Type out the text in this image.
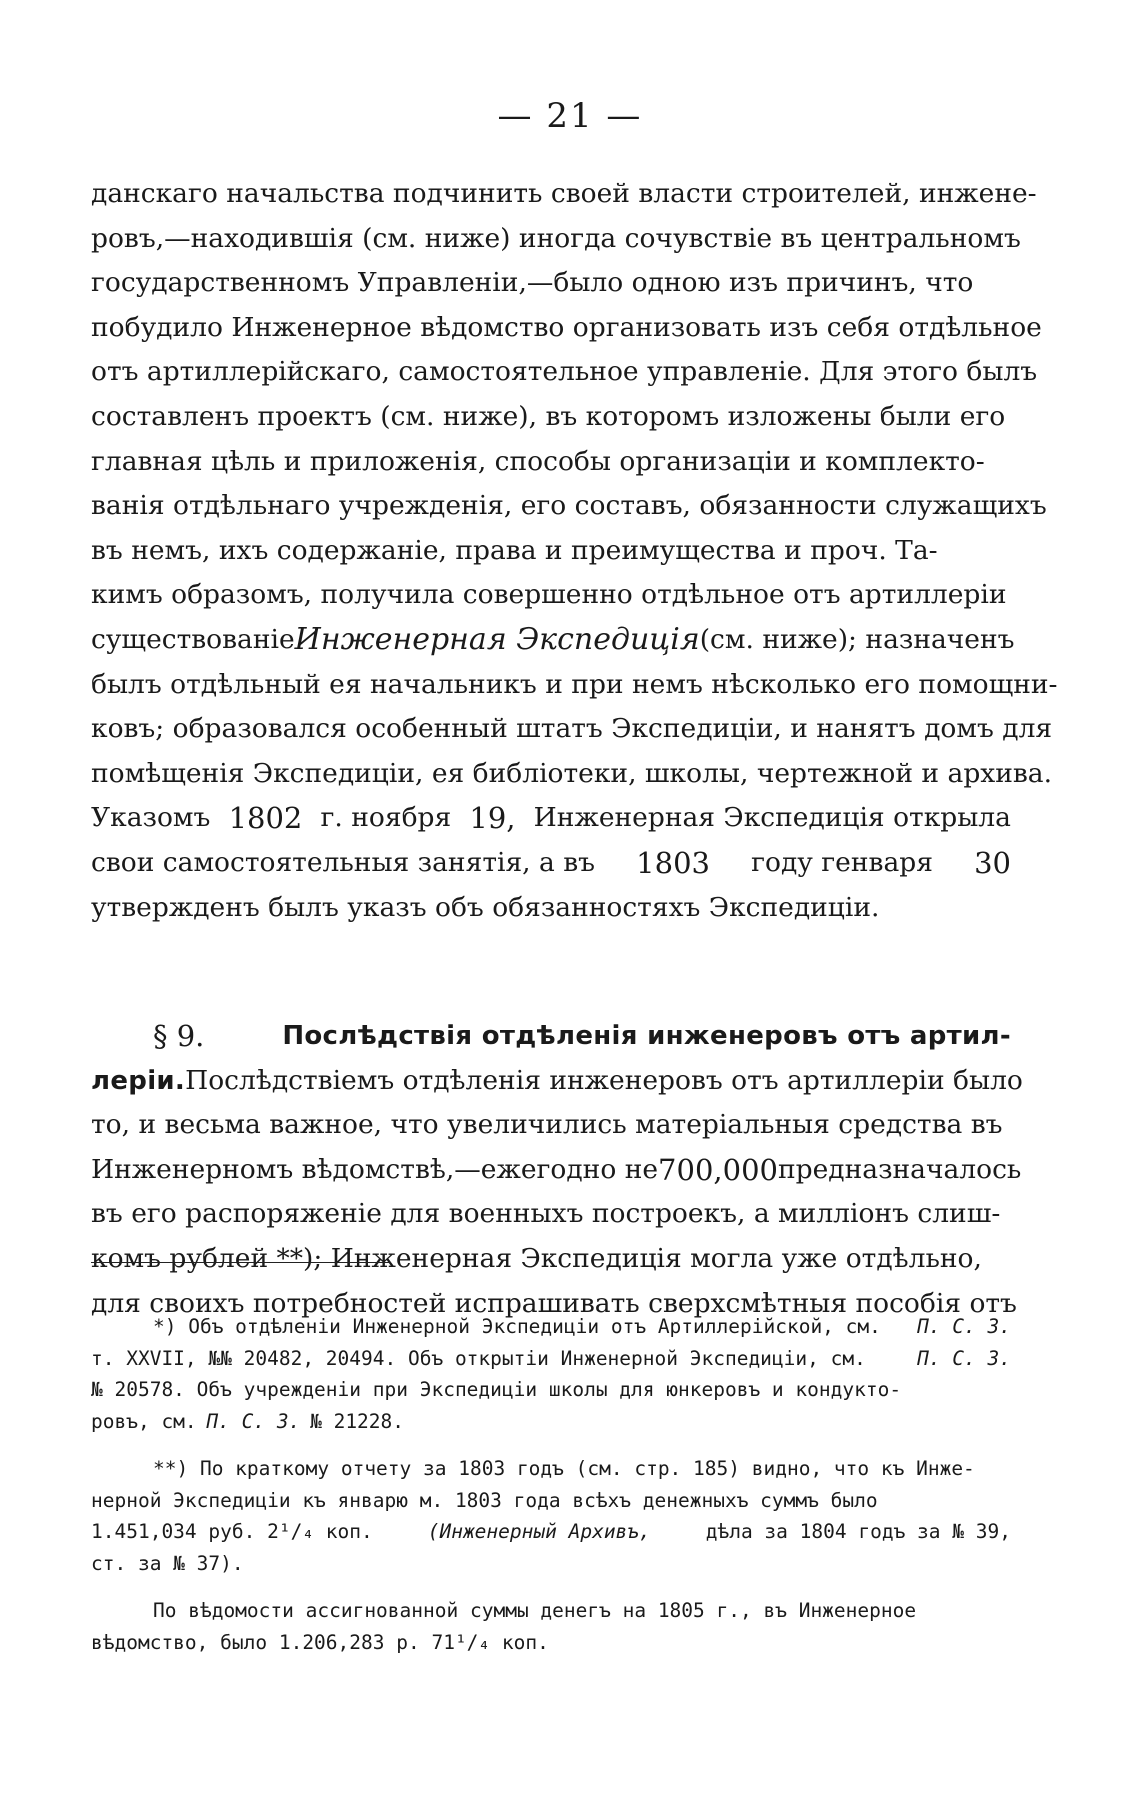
— 21 —
данскаго начальства подчинить своей власти строителей, инжене-
ровъ,—находившія (см. ниже) иногда сочувствіе въ центральномъ
государственномъ Управленіи,—было одною изъ причинъ, что
побудило Инженерное вѣдомство организовать изъ себя отдѣльное
отъ артиллерійскаго, самостоятельное управленіе. Для этого былъ
составленъ проектъ (см. ниже), въ которомъ изложены были его
главная цѣль и приложенія, способы организаціи и комплекто-
ванія отдѣльнаго учрежденія, его составъ, обязанности служащихъ
въ немъ, ихъ содержаніе, права и преимущества и проч. Та-
кимъ образомъ, получила совершенно отдѣльное отъ артиллеріи
существованіе Инженерная Экспедиція (см. ниже); назначенъ
былъ отдѣльный ея начальникъ и при немъ нѣсколько его помощни-
ковъ; образовался особенный штатъ Экспедиціи, и нанятъ домъ для
помѣщенія Экспедиціи, ея библіотеки, школы, чертежной и архива.
Указомъ 1802 г. ноября 19, Инженерная Экспедиція открыла
свои самостоятельныя занятія, а въ 1803 году генваря 30
утвержденъ былъ указъ объ обязанностяхъ Экспедиціи.
§ 9.	Послѣдствія отдѣленія инженеровъ отъ артил-
леріи. Послѣдствіемъ отдѣленія инженеровъ отъ артиллеріи было
то, и весьма важное, что увеличились матеріальныя средства въ
Инженерномъ вѣдомствѣ,—ежегодно не 700,000 предназначалось
въ его распоряженіе для военныхъ построекъ, а милліонъ слиш-
комъ рублей **); Инженерная Экспедиція могла уже отдѣльно,
для своихъ потребностей испрашивать сверхсмѣтныя пособія отъ
*) Объ отдѣленіи Инженерной Экспедиціи отъ Артиллерійской, см. П. С. З.
т. XXVII, №№ 20482, 20494. Объ открытіи Инженерной Экспедиціи, см.	П. С. З.
№ 20578. Объ учрежденіи при Экспедиціи школы для юнкеровъ и кондукто-
ровъ, см. П. С. З. № 21228.
**) По краткому отчету за 1803 годъ (см. стр. 185) видно, что къ Инже-
нерной Экспедиціи къ январю м. 1803 года всѣхъ денежныхъ суммъ было
1.451,034 руб. 2¹/₄ коп.	(Инженерный Архивъ,	дѣла за 1804 годъ за № 39,
ст. за № 37).
По вѣдомости ассигнованной суммы денегъ на 1805 г., въ Инженерное
вѣдомство, было 1.206,283 р. 71¹/₄ коп.
